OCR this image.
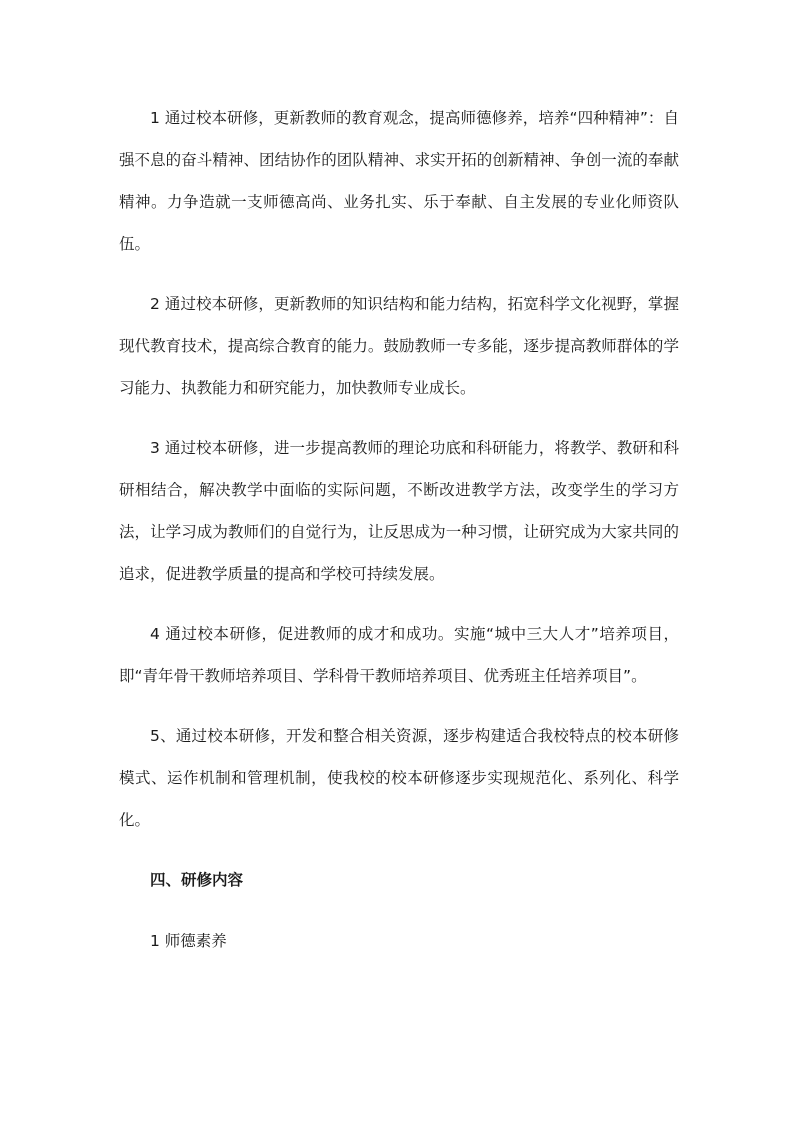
1 通过校本研修，更新教师的教育观念，提高师德修养，培养“四种精神”：自强不息的奋斗精神、团结协作的团队精神、求实开拓的创新精神、争创一流的奉献精神。力争造就一支师德高尚、业务扎实、乐于奉献、自主发展的专业化师资队伍。

2 通过校本研修，更新教师的知识结构和能力结构，拓宽科学文化视野，掌握现代教育技术，提高综合教育的能力。鼓励教师一专多能，逐步提高教师群体的学习能力、执教能力和研究能力，加快教师专业成长。

3 通过校本研修，进一步提高教师的理论功底和科研能力，将教学、教研和科研相结合，解决教学中面临的实际问题，不断改进教学方法，改变学生的学习方法，让学习成为教师们的自觉行为，让反思成为一种习惯，让研究成为大家共同的追求，促进教学质量的提高和学校可持续发展。

4 通过校本研修，促进教师的成才和成功。实施“城中三大人才”培养项目，即“青年骨干教师培养项目、学科骨干教师培养项目、优秀班主任培养项目”。

5、通过校本研修，开发和整合相关资源，逐步构建适合我校特点的校本研修模式、运作机制和管理机制，使我校的校本研修逐步实现规范化、系列化、科学化。

四、研修内容

1 师德素养
